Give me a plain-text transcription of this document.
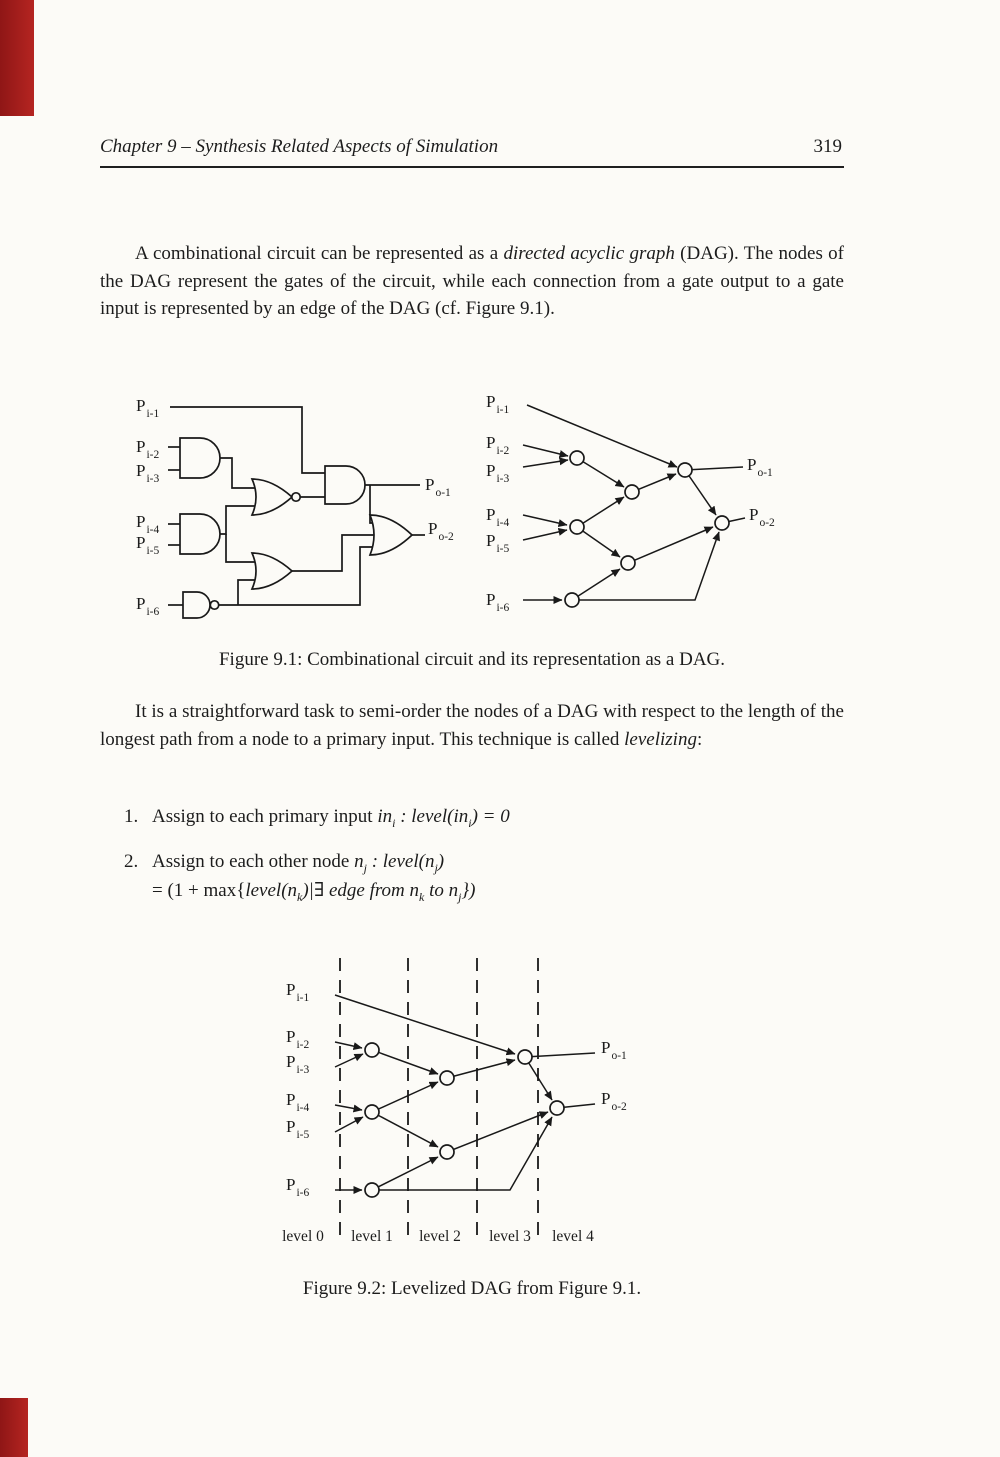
Chapter 9 – Synthesis Related Aspects of Simulation	319

A combinational circuit can be represented as a directed acyclic graph (DAG). The nodes of the DAG represent the gates of the circuit, while each connection from a gate output to a gate input is represented by an edge of the DAG (cf. Figure 9.1).

$P_{i-1}$
$P_{i-2}$
$P_{i-3}$
$P_{i-4}$
$P_{i-5}$
$P_{i-6}$
$P_{o-1}$
$P_{o-2}$
$P_{i-1}$
$P_{i-2}$
$P_{i-3}$
$P_{i-4}$
$P_{i-5}$
$P_{i-6}$
$P_{o-1}$
$P_{o-2}$
Figure 9.1: Combinational circuit and its representation as a DAG.

It is a straightforward task to semi-order the nodes of a DAG with respect to the length of the longest path from a node to a primary input. This technique is called levelizing:

1. Assign to each primary input $in_i$ : $level(in_i) = 0$
2. Assign to each other node $n_j$ : $level(n_j)$
= ($1 + \max\{level(n_k)|\exists$ edge from $n_k$ to $n_j$})
$P_{i-1}$
$P_{i-2}$
$P_{i-3}$
$P_{i-4}$
$P_{i-5}$
$P_{i-6}$
$P_{o-1}$
$P_{o-2}$
level 0	level 1	level 2	level 3	level 4
Figure 9.2: Levelized DAG from Figure 9.1.
